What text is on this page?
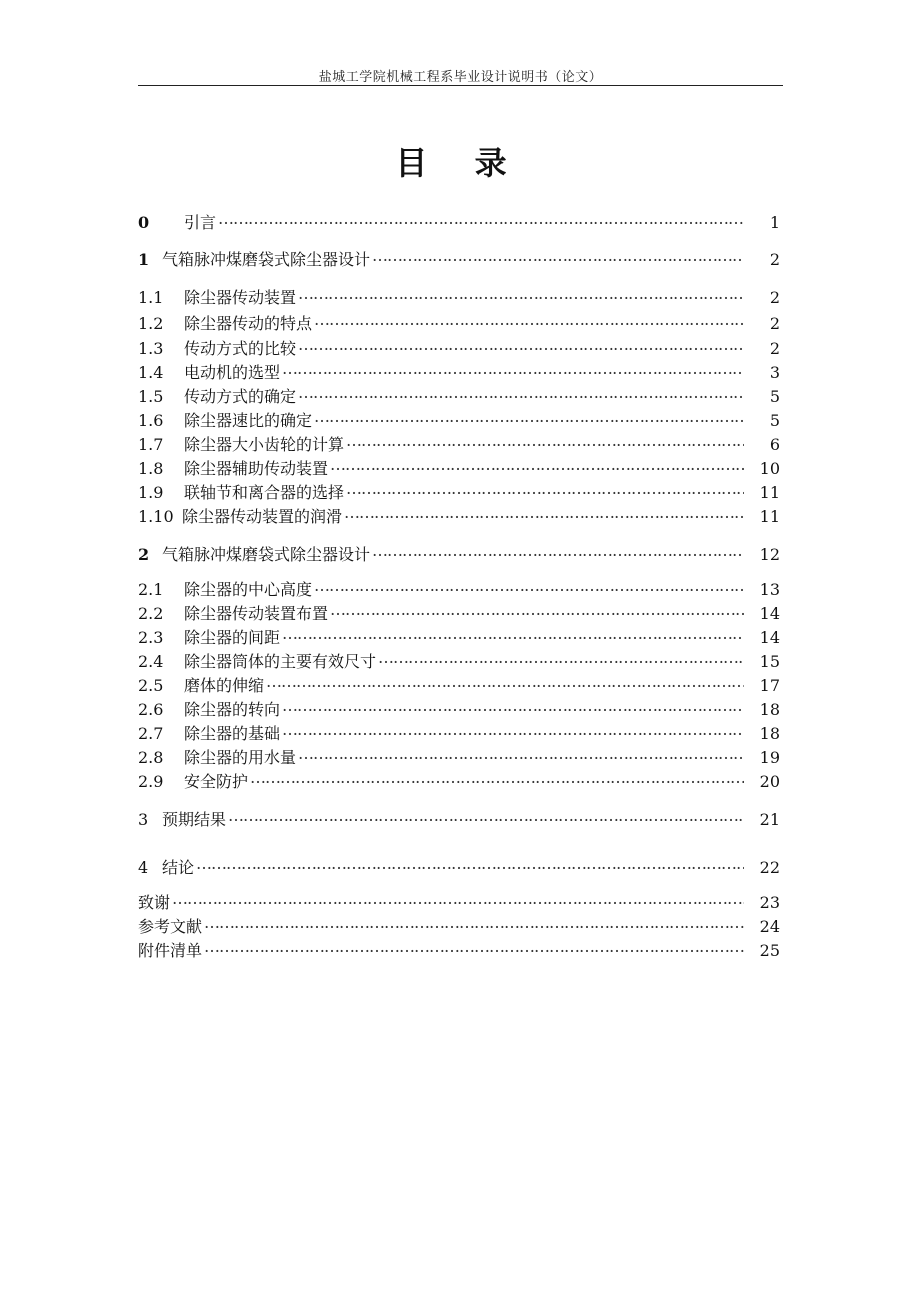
盐城工学院机械工程系毕业设计说明书（论文）
目 录
0	引言 ……………………………………………………………………………………………………………………………………………………………………	1
1 气箱脉冲煤磨袋式除尘器设计 ……………………………………………………………………………………………………………………………………………………………………	2
1.1	除尘器传动装置 ……………………………………………………………………………………………………………………………………………………………………	2
1.2	除尘器传动的特点 ……………………………………………………………………………………………………………………………………………………………………	2
1.3	传动方式的比较 ……………………………………………………………………………………………………………………………………………………………………	2
1.4	电动机的选型 ……………………………………………………………………………………………………………………………………………………………………	3
1.5	传动方式的确定 ……………………………………………………………………………………………………………………………………………………………………	5
1.6	除尘器速比的确定 ……………………………………………………………………………………………………………………………………………………………………	5
1.7	除尘器大小齿轮的计算 ……………………………………………………………………………………………………………………………………………………………………	6
1.8	除尘器辅助传动装置 ……………………………………………………………………………………………………………………………………………………………………	10
1.9	联轴节和离合器的选择 ……………………………………………………………………………………………………………………………………………………………………	11
1.10 除尘器传动装置的润滑 ……………………………………………………………………………………………………………………………………………………………………	11
2 气箱脉冲煤磨袋式除尘器设计 ……………………………………………………………………………………………………………………………………………………………………	12
2.1	除尘器的中心高度 ……………………………………………………………………………………………………………………………………………………………………	13
2.2	除尘器传动装置布置 ……………………………………………………………………………………………………………………………………………………………………	14
2.3	除尘器的间距 ……………………………………………………………………………………………………………………………………………………………………	14
2.4	除尘器筒体的主要有效尺寸 ……………………………………………………………………………………………………………………………………………………………………	15
2.5	磨体的伸缩 ……………………………………………………………………………………………………………………………………………………………………	17
2.6	除尘器的转向 ……………………………………………………………………………………………………………………………………………………………………	18
2.7	除尘器的基础 ……………………………………………………………………………………………………………………………………………………………………	18
2.8	除尘器的用水量 ……………………………………………………………………………………………………………………………………………………………………	19
2.9	安全防护 ……………………………………………………………………………………………………………………………………………………………………	20
3 预期结果 ……………………………………………………………………………………………………………………………………………………………………	21
4 结论 ……………………………………………………………………………………………………………………………………………………………………	22
致谢 ……………………………………………………………………………………………………………………………………………………………………	23
参考文献 ……………………………………………………………………………………………………………………………………………………………………	24
附件清单 ……………………………………………………………………………………………………………………………………………………………………	25
